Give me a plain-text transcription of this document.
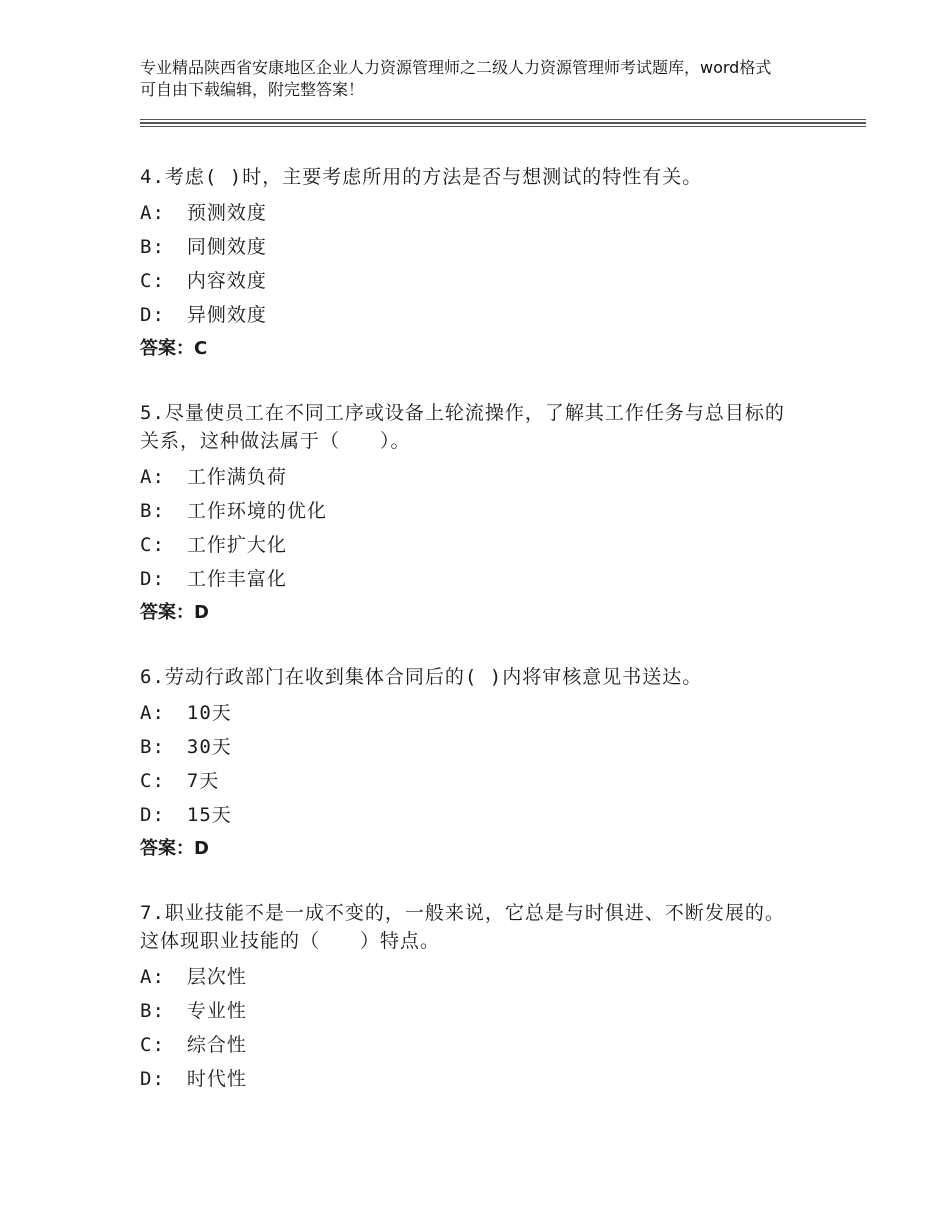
专业精品陕西省安康地区企业人力资源管理师之二级人力资源管理师考试题库，word格式可自由下载编辑，附完整答案！

4.考虑( )时，主要考虑所用的方法是否与想测试的特性有关。

A: 预测效度

B: 同侧效度

C: 内容效度

D: 异侧效度

答案：C

5.尽量使员工在不同工序或设备上轮流操作，了解其工作任务与总目标的关系，这种做法属于（　　）。

A: 工作满负荷

B: 工作环境的优化

C: 工作扩大化

D: 工作丰富化

答案：D

6.劳动行政部门在收到集体合同后的( )内将审核意见书送达。

A: 10天

B: 30天

C: 7天

D: 15天

答案：D

7.职业技能不是一成不变的，一般来说，它总是与时俱进、不断发展的。这体现职业技能的（　　）特点。

A: 层次性

B: 专业性

C: 综合性

D: 时代性
